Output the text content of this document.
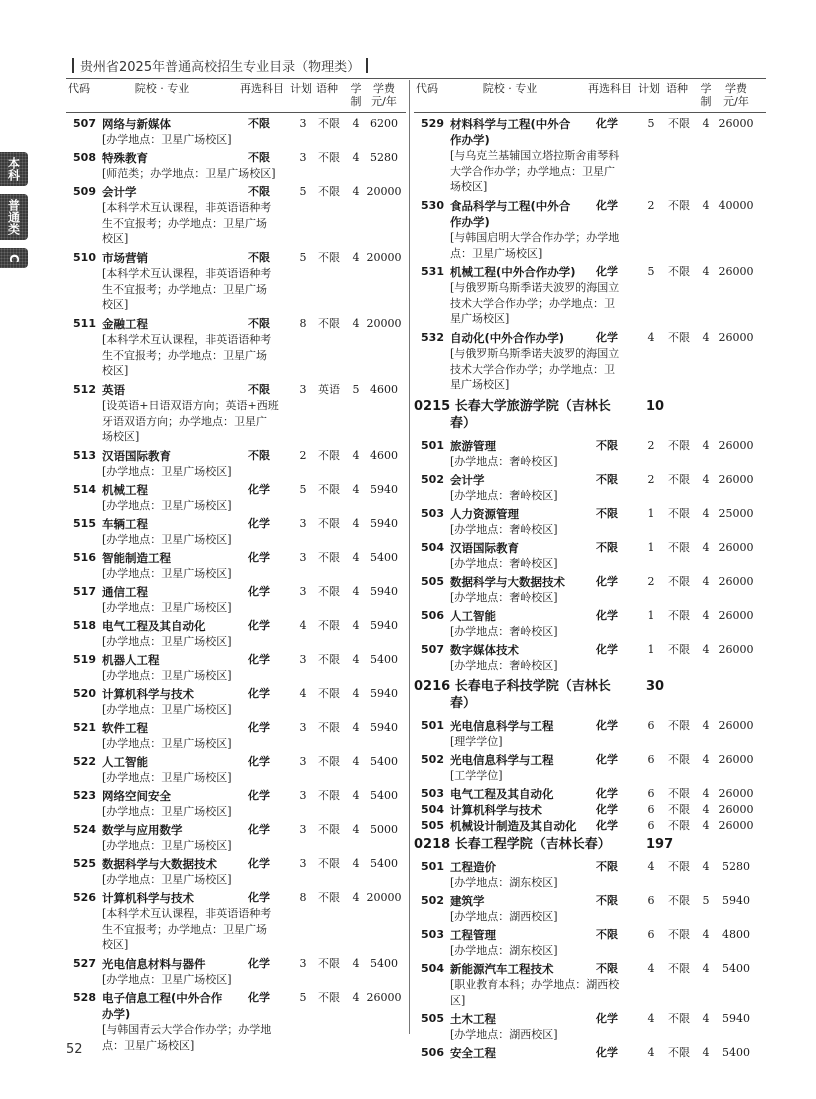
贵州省2025年普通高校招生专业目录（物理类）
本科
普通类
C
代码	院校 · 专业	再选科目 计划 语种 学制
学费元/年
507 网络与新媒体	不限	3	不限	4 6200
[办学地点：卫星广场校区]
508 特殊教育	不限	3	不限	4 5280
[师范类；办学地点：卫星广场校区]
509 会计学	不限	5	不限	4 20000
[本科学术互认课程，非英语语种考
生不宜报考；办学地点：卫星广场
校区]
510 市场营销	不限	5	不限	4 20000
[本科学术互认课程，非英语语种考
生不宜报考；办学地点：卫星广场
校区]
511 金融工程	不限	8	不限	4 20000
[本科学术互认课程，非英语语种考
生不宜报考；办学地点：卫星广场
校区]
512 英语	不限	3	英语	5 4600
[设英语+日语双语方向；英语+西班
牙语双语方向；办学地点：卫星广
场校区]
513 汉语国际教育	不限	2	不限	4 4600
[办学地点：卫星广场校区]
514 机械工程	化学	5	不限	4 5940
[办学地点：卫星广场校区]
515 车辆工程	化学	3	不限	4 5940
[办学地点：卫星广场校区]
516 智能制造工程	化学	3	不限	4 5400
[办学地点：卫星广场校区]
517 通信工程	化学	3	不限	4 5940
[办学地点：卫星广场校区]
518 电气工程及其自动化	化学	4	不限	4 5940
[办学地点：卫星广场校区]
519 机器人工程	化学	3	不限	4 5400
[办学地点：卫星广场校区]
520 计算机科学与技术	化学	4	不限	4 5940
[办学地点：卫星广场校区]
521 软件工程	化学	3	不限	4 5940
[办学地点：卫星广场校区]
522 人工智能	化学	3	不限	4 5400
[办学地点：卫星广场校区]
523 网络空间安全	化学	3	不限	4 5400
[办学地点：卫星广场校区]
524 数学与应用数学	化学	3	不限	4 5000
[办学地点：卫星广场校区]
525 数据科学与大数据技术	化学	3	不限	4 5400
[办学地点：卫星广场校区]
526 计算机科学与技术	化学	8	不限	4 20000
[本科学术互认课程，非英语语种考
生不宜报考；办学地点：卫星广场
校区]
527 光电信息材料与器件	化学	3	不限	4 5400
[办学地点：卫星广场校区]
528 电子信息工程(中外合作
办学)
化学	5	不限	4 26000
[与韩国青云大学合作办学；办学地
点：卫星广场校区]
代码	院校 · 专业	再选科目 计划 语种 学制
学费元/年
529 材料科学与工程(中外合
作办学)
化学	5	不限	4 26000
[与乌克兰基辅国立塔拉斯舍甫琴科
大学合作办学；办学地点：卫星广
场校区]
530 食品科学与工程(中外合
作办学)
化学	2	不限	4 40000
[与韩国启明大学合作办学；办学地
点：卫星广场校区]
531 机械工程(中外合作办学) 化学	5	不限	4 26000
[与俄罗斯乌斯季诺夫波罗的海国立
技术大学合作办学；办学地点：卫
星广场校区]
532 自动化(中外合作办学)	化学	4	不限	4 26000
[与俄罗斯乌斯季诺夫波罗的海国立
技术大学合作办学；办学地点：卫
星广场校区]
0215 长春大学旅游学院（吉林长
春）
10
501 旅游管理	不限	2	不限	4 26000
[办学地点：奢岭校区]
502 会计学	不限	2	不限	4 26000
[办学地点：奢岭校区]
503 人力资源管理	不限	1	不限	4 25000
[办学地点：奢岭校区]
504 汉语国际教育	不限	1	不限	4 26000
[办学地点：奢岭校区]
505 数据科学与大数据技术	化学	2	不限	4 26000
[办学地点：奢岭校区]
506 人工智能	化学	1	不限	4 26000
[办学地点：奢岭校区]
507 数字媒体技术	化学	1	不限	4 26000
[办学地点：奢岭校区]
0216 长春电子科技学院（吉林长
春）
30
501 光电信息科学与工程	化学	6	不限	4 26000
[理学学位]
502 光电信息科学与工程	化学	6	不限	4 26000
[工学学位]
503 电气工程及其自动化	化学	6	不限	4 26000
504 计算机科学与技术	化学	6	不限	4 26000
505 机械设计制造及其自动化 化学	6	不限	4 26000
0218 长春工程学院（吉林长春）	197
501 工程造价	不限	4	不限	4	5280
[办学地点：湖东校区]
502 建筑学	不限	6	不限	5	5940
[办学地点：湖西校区]
503 工程管理	不限	6	不限	4	4800
[办学地点：湖东校区]
504 新能源汽车工程技术	不限	4	不限	4	5400
[职业教育本科；办学地点：湖西校
区]
505 土木工程	化学	4	不限	4	5940
[办学地点：湖西校区]
506 安全工程	化学	4	不限	4	5400
52
